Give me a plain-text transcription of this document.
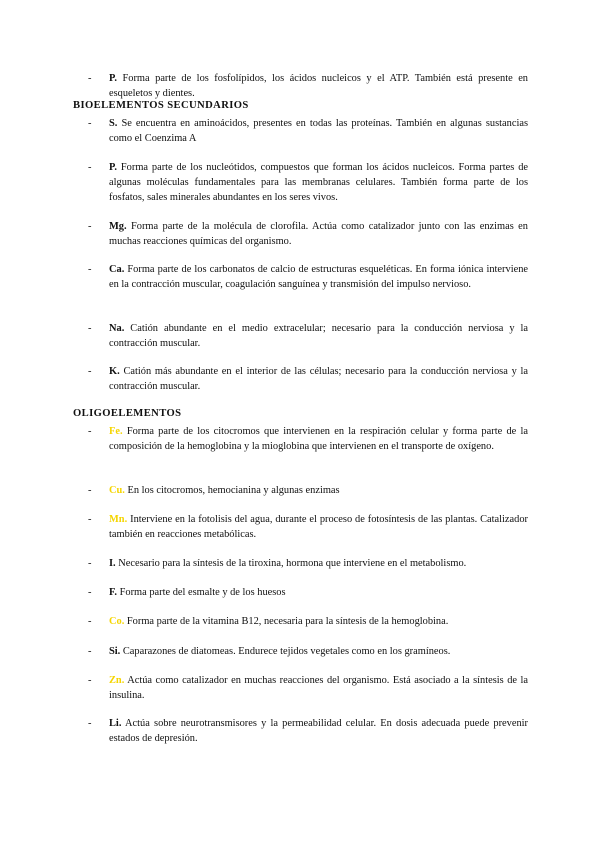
- P. Forma parte de los fosfolípidos, los ácidos nucleicos y el ATP. También está presente en esqueletos y dientes.
BIOELEMENTOS SECUNDARIOS
- S. Se encuentra en aminoácidos, presentes en todas las proteínas. También en algunas sustancias como el Coenzima A
- P. Forma parte de los nucleótidos, compuestos que forman los ácidos nucleicos. Forma partes de algunas moléculas fundamentales para las membranas celulares. También forma parte de los fosfatos, sales minerales abundantes en los seres vivos.
- Mg. Forma parte de la molécula de clorofila. Actúa como catalizador junto con las enzimas en muchas reacciones químicas del organismo.
- Ca. Forma parte de los carbonatos de calcio de estructuras esqueléticas. En forma iónica interviene en la contracción muscular, coagulación sanguínea y transmisión del impulso nervioso.
- Na. Catión abundante en el medio extracelular; necesario para la conducción nerviosa y la contracción muscular.
- K. Catión más abundante en el interior de las células; necesario para la conducción nerviosa y la contracción muscular.
OLIGOELEMENTOS
- Fe. Forma parte de los citocromos que intervienen en la respiración celular y forma parte de la composición de la hemoglobina y la mioglobina que intervienen en el transporte de oxígeno.
- Cu. En los citocromos, hemocianina y algunas enzimas
- Mn. Interviene en la fotolisis del agua, durante el proceso de fotosíntesis de las plantas. Catalizador también en reacciones metabólicas.
- I. Necesario para la síntesis de la tiroxina, hormona que interviene en el metabolismo.
- F. Forma parte del esmalte y de los huesos
- Co. Forma parte de la vitamina B12, necesaria para la síntesis de la hemoglobina.
- Si. Caparazones de diatomeas. Endurece tejidos vegetales como en los gramíneos.
- Zn. Actúa como catalizador en muchas reacciones del organismo. Está asociado a la síntesis de la insulina.
- Li. Actúa sobre neurotransmisores y la permeabilidad celular. En dosis adecuada puede prevenir estados de depresión.
